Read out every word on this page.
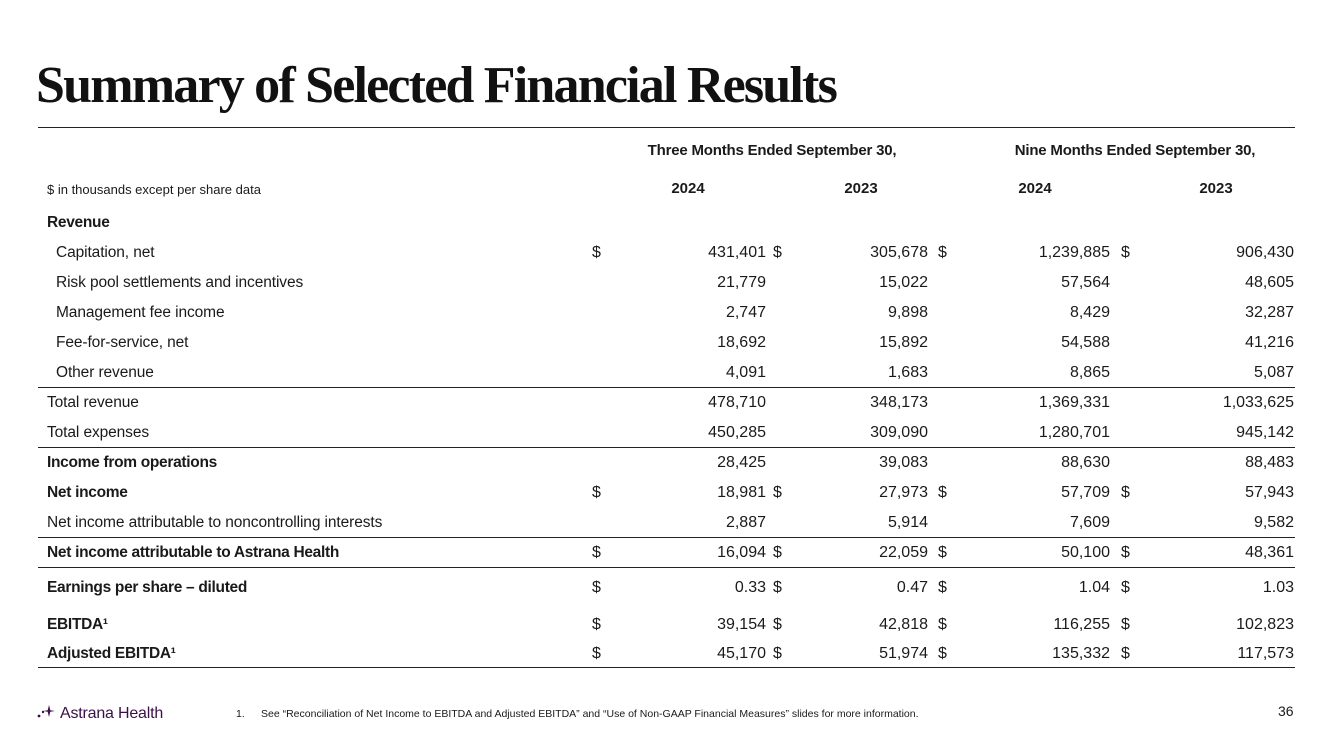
Summary of Selected Financial Results
Three Months Ended September 30,	Nine Months Ended September 30,
$ in thousands except per share data	2024	2023	2024	2023
Revenue
Capitation, net	$	431,401 $	305,678 $	1,239,885 $	906,430
Risk pool settlements and incentives	21,779	15,022	57,564	48,605
Management fee income	2,747	9,898	8,429	32,287
Fee-for-service, net	18,692	15,892	54,588	41,216
Other revenue	4,091	1,683	8,865	5,087
Total revenue	478,710	348,173	1,369,331	1,033,625
Total expenses	450,285	309,090	1,280,701	945,142
Income from operations	28,425	39,083	88,630	88,483
Net income	$	18,981 $	27,973 $	57,709 $	57,943
Net income attributable to noncontrolling interests	2,887	5,914	7,609	9,582
Net income attributable to Astrana Health	$	16,094 $	22,059 $	50,100 $	48,361
Earnings per share – diluted	$	0.33 $	0.47 $	1.04 $	1.03
EBITDA¹	$	39,154 $	42,818 $	116,255 $	102,823
Adjusted EBITDA¹	$	45,170 $	51,974 $	135,332 $	117,573
Astrana Health	1. See “Reconciliation of Net Income to EBITDA and Adjusted EBITDA” and “Use of Non-GAAP Financial Measures” slides for more information.	36
